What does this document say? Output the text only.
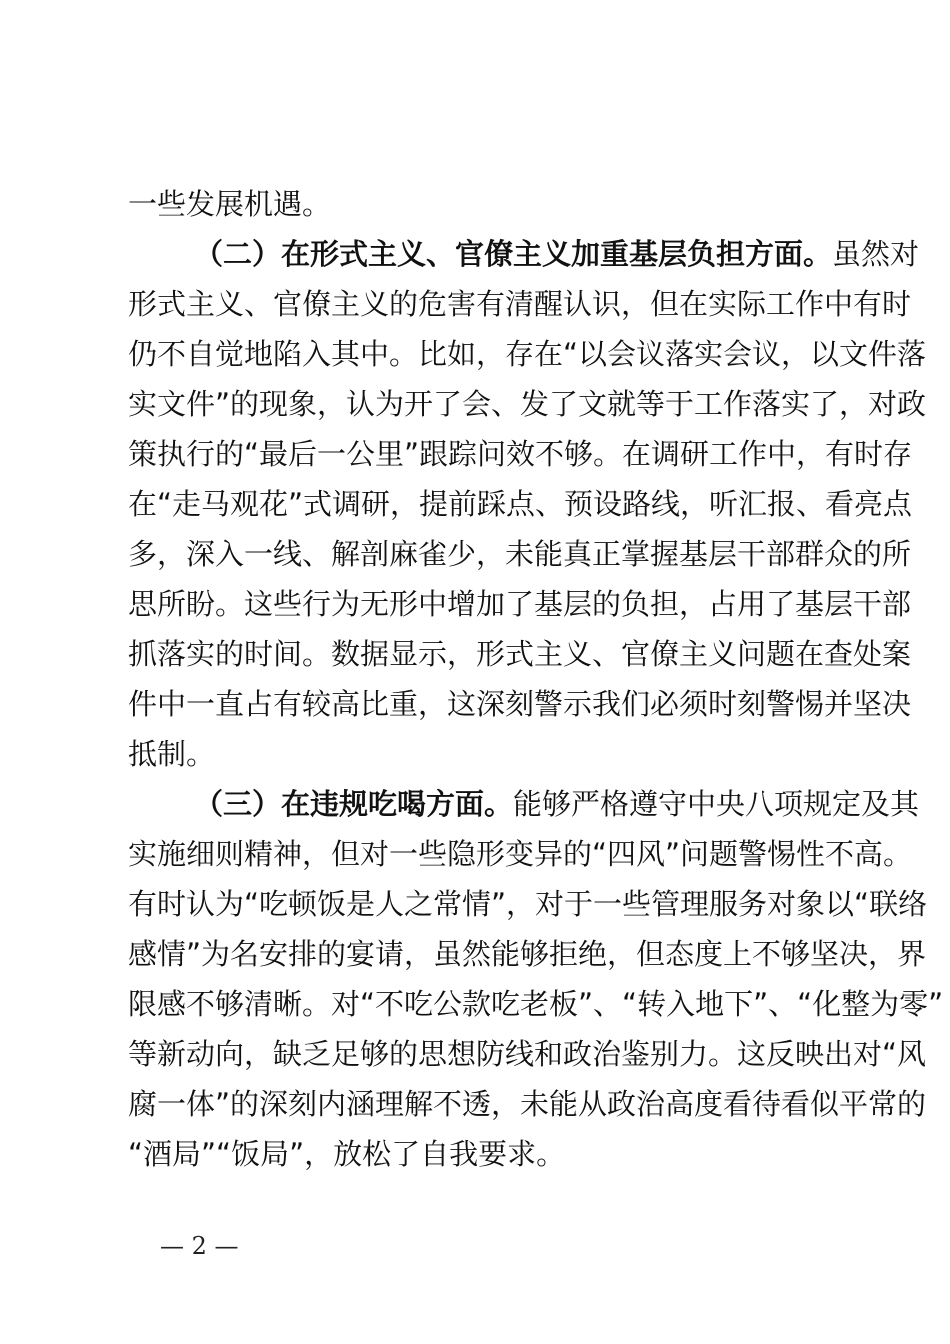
一些发展机遇。
（二）在形式主义、官僚主义加重基层负担方面。虽然对
形式主义、官僚主义的危害有清醒认识，但在实际工作中有时
仍不自觉地陷入其中。比如，存在“以会议落实会议，以文件落
实文件”的现象，认为开了会、发了文就等于工作落实了，对政
策执行的“最后一公里”跟踪问效不够。在调研工作中，有时存
在“走马观花”式调研，提前踩点、预设路线，听汇报、看亮点
多，深入一线、解剖麻雀少，未能真正掌握基层干部群众的所
思所盼。这些行为无形中增加了基层的负担，占用了基层干部
抓落实的时间。数据显示，形式主义、官僚主义问题在查处案
件中一直占有较高比重，这深刻警示我们必须时刻警惕并坚决
抵制。
（三）在违规吃喝方面。能够严格遵守中央八项规定及其
实施细则精神，但对一些隐形变异的“四风”问题警惕性不高。
有时认为“吃顿饭是人之常情”，对于一些管理服务对象以“联络
感情”为名安排的宴请，虽然能够拒绝，但态度上不够坚决，界
限感不够清晰。对“不吃公款吃老板”、“转入地下”、“化整为零”
等新动向，缺乏足够的思想防线和政治鉴别力。这反映出对“风
腐一体”的深刻内涵理解不透，未能从政治高度看待看似平常的
“酒局”“饭局”，放松了自我要求。
— 2 —
